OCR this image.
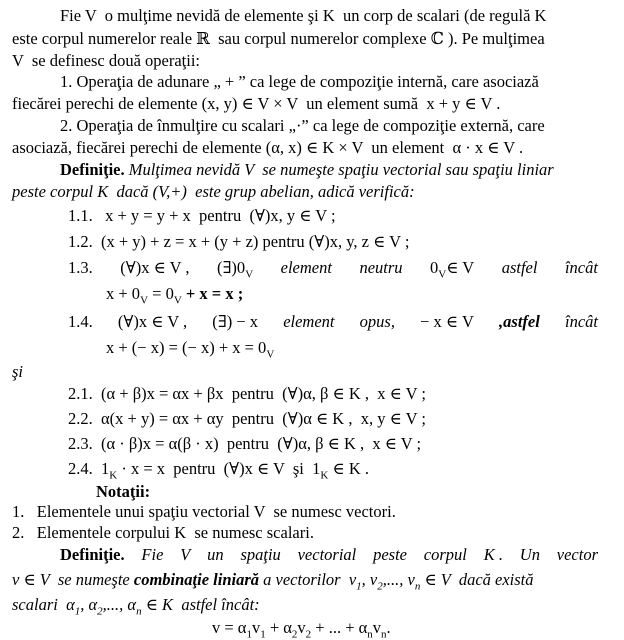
Fie V  o mulţime nevidă de elemente şi K  un corp de scalari (de regulă K
este corpul numerelor reale ℝ  sau corpul numerelor complexe ℂ ). Pe mulţimea
V  se definesc două operaţii:
1. Operaţia de adunare „ + ” ca lege de compoziţie internă, care asociază
fiecărei perechi de elemente (x, y) ∈ V × V  un element sumă  x + y ∈ V .
2. Operaţia de înmulţire cu scalari „·” ca lege de compoziţie externă, care
asociază, fiecărei perechi de elemente (α, x) ∈ K × V  un element  α · x ∈ V .
Definiţie. Mulţimea nevidă V  se numeşte spaţiu vectorial sau spaţiu liniar
peste corpul K  dacă (V,+)  este grup abelian, adică verifică:
1.1.   x + y = y + x  pentru  (∀)x, y ∈ V ;
1.2.  (x + y) + z = x + (y + z) pentru (∀)x, y, z ∈ V ;
1.3. (∀)x ∈ V , $(\exists)0_V$ element neutru $0_V\in$ V astfel încât
$x + 0_V = 0_V + x = x$ ;
1.4. (∀)x ∈ V , (∃) − x element opus, − x ∈ V ,astfel încât
x + (− x) = (− $x) + x = 0_V$
şi
2.1.  (α + β)x = αx + βx  pentru  (∀)α, β ∈ K ,  x ∈ V ;
2.2.  α(x + y) = αx + αy  pentru  (∀)α ∈ K ,  x, y ∈ V ;
2.3.  (α · β)x = α(β · x)  pentru  (∀)α, β ∈ K ,  x ∈ V ;
2.4.  $1_K \cdot x = x$  pentru  (∀)x ∈ V  şi  $1_K$ ∈ K .
Notaţii:
1.   Elementele unui spaţiu vectorial V  se numesc vectori.
2.   Elementele corpului K  se numesc scalari.
Definiţie. Fie V un spaţiu vectorial peste corpul K . Un vector
v ∈ V  se numeşte combinaţie liniară a vectorilor  $v_1$, $v_2$,..., $v_n$ ∈ V  dacă există
scalari  $\alpha_1$, $\alpha_2$,..., $\alpha_n$ ∈ K  astfel încât:
$v = \alpha_1v_1 + \alpha_2v_2$ + ... + $\alpha_nv_n$.
